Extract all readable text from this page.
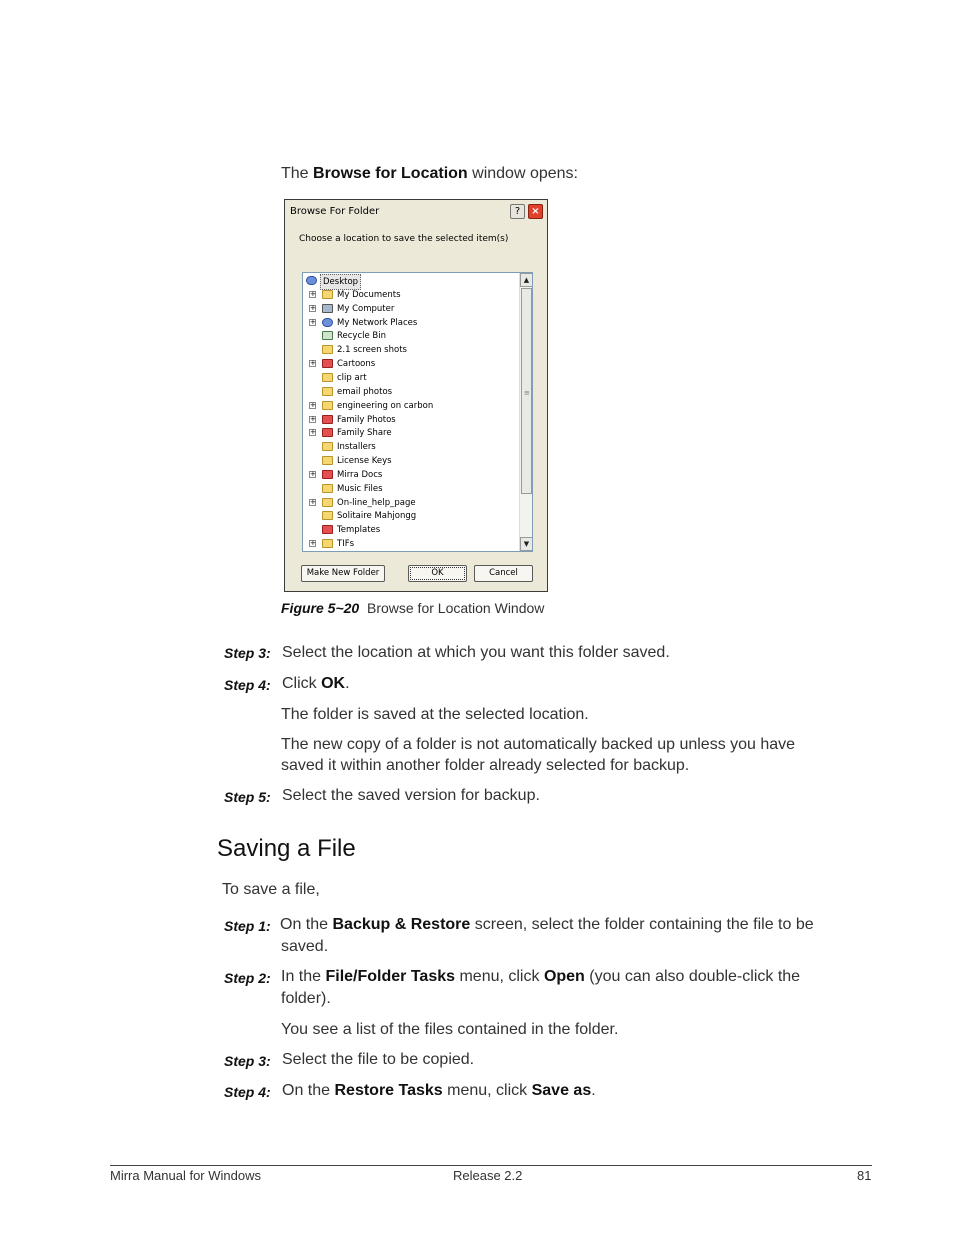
The Browse for Location window opens:
Browse For Folder	?	×
Choose a location to save the selected item(s)
Desktop
+ My Documents
+ My Computer
+ My Network Places
Recycle Bin
2.1 screen shots
+ Cartoons
clip art
email photos
+ engineering on carbon
+ Family Photos
+ Family Share
Installers
License Keys
+ Mirra Docs
Music Files
+ On-line_help_page
Solitaire Mahjongg
Templates
+ TIFs
▲
≡
▼
Make New Folder	OK	Cancel
Figure 5~20 Browse for Location Window
Step 3: Select the location at which you want this folder saved.
Step 4: Click OK.
The folder is saved at the selected location.
The new copy of a folder is not automatically backed up unless you have
saved it within another folder already selected for backup.
Step 5: Select the saved version for backup.
Saving a File
To save a file,
Step 1: On the Backup & Restore screen, select the folder containing the file to be
saved.
Step 2: In the File/Folder Tasks menu, click Open (you can also double-click the
folder).
You see a list of the files contained in the folder.
Step 3: Select the file to be copied.
Step 4: On the Restore Tasks menu, click Save as.
Mirra Manual for Windows	Release 2.2	81
